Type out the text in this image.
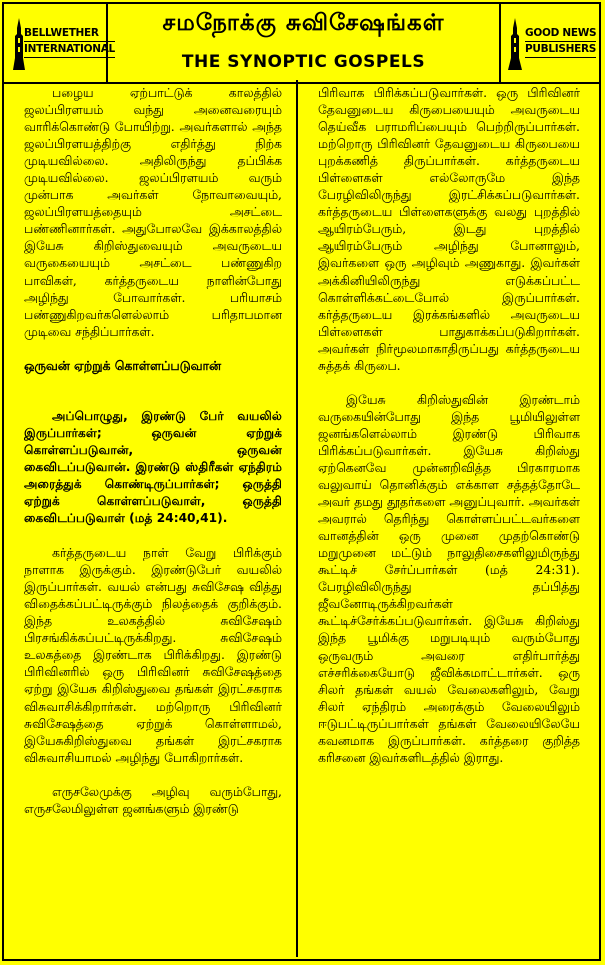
BELLWETHER
INTERNATIONAL
சமநோக்கு சுவிசேஷங்கள்
THE SYNOPTIC GOSPELS
GOOD NEWS
PUBLISHERS

பழைய ஏற்பாட்டுக் காலத்தில் ஜலப்பிரளயம் வந்து அனைவரையும் வாரிக்கொண்டு போயிற்று. அவர்களால் அந்த ஜலப்பிரளயத்திற்கு எதிர்த்து நிற்க முடியவில்லை. அதிலிருந்து தப்பிக்க முடியவில்லை. ஜலப்பிரளயம் வரும் முன்பாக அவர்கள் நோவாவையும், ஜலப்பிரளயத்தையும் அசட்டை பண்ணினார்கள். அதுபோலவே இக்காலத்தில் இயேசு கிறிஸ்துவையும் அவருடைய வருகையையும் அசட்டை பண்ணுகிற பாவிகள், கர்த்தருடைய நாளின்போது அழிந்து போவார்கள். பரியாசம் பண்ணுகிறவர்களெல்லாம் பரிதாபமான முடிவை சந்திப்பார்கள்.

ஒருவன் ஏற்றுக் கொள்ளப்படுவான்

அப்பொழுது, இரண்டு பேர் வயலில் இருப்பார்கள்; ஒருவன் ஏற்றுக் கொள்ளப்படுவான், ஒருவன் கைவிடப்படுவான். இரண்டு ஸ்திரீகள் ஏந்திரம் அரைத்துக் கொண்டிருப்பார்கள்; ஒருத்தி ஏற்றுக் கொள்ளப்படுவாள், ஒருத்தி கைவிடப்படுவாள் (மத் 24:40,41).

கர்த்தருடைய நாள் வேறு பிரிக்கும் நாளாக இருக்கும். இரண்டுபேர் வயலில் இருப்பார்கள். வயல் என்பது சுவிசேஷ வித்து விதைக்கப்பட்டிருக்கும் நிலத்தைக் குறிக்கும். இந்த உலகத்தில் சுவிசேஷம் பிரசங்கிக்கப்பட்டிருக்கிறது. சுவிசேஷம் உலகத்தை இரண்டாக பிரிக்கிறது. இரண்டு பிரிவினரில் ஒரு பிரிவினர் சுவிசேஷத்தை ஏற்று இயேசு கிறிஸ்துவை தங்கள் இரட்சகராக விசுவாசிக்கிறார்கள். மற்றொரு பிரிவினர் சுவிசேஷத்தை ஏற்றுக் கொள்ளாமல், இயேசுகிறிஸ்துவை தங்கள் இரட்சகராக விசுவாசியாமல் அழிந்து போகிறார்கள்.

எருசலேமுக்கு அழிவு வரும்போது, எருசலேமிலுள்ள ஜனங்களும் இரண்டு

பிரிவாக பிரிக்கப்படுவார்கள். ஒரு பிரிவினர் தேவனுடைய கிருபையையும் அவருடைய தெய்வீக பராமரிப்பையும் பெற்றிருப்பார்கள். மற்றொரு பிரிவினர் தேவனுடைய கிருபையை புறக்கணித் திருப்பார்கள். கர்த்தருடைய பிள்ளைகள் எல்லோருமே இந்த பேரழிவிலிருந்து இரட்சிக்கப்படுவார்கள். கர்த்தருடைய பிள்ளைகளுக்கு வலது புறத்தில் ஆயிரம்பேரும், இடது புறத்தில் ஆயிரம்பேரும் அழிந்து போனாலும், இவர்களை ஒரு அழிவும் அணுகாது. இவர்கள் அக்கினியிலிருந்து எடுக்கப்பட்ட கொள்ளிக்கட்டைபோல் இருப்பார்கள். கர்த்தருடைய இரக்கங்களில் அவருடைய பிள்ளைகள் பாதுகாக்கப்படுகிறார்கள். அவர்கள் நிர்மூலமாகாதிருப்பது கர்த்தருடைய சுத்தக் கிருபை.

இயேசு கிறிஸ்துவின் இரண்டாம் வருகையின்போது இந்த பூமியிலுள்ள ஜனங்களெல்லாம் இரண்டு பிரிவாக பிரிக்கப்படுவார்கள். இயேசு கிறிஸ்து ஏற்கெனவே முன்னறிவித்த பிரகாரமாக வலுவாய் தொனிக்கும் எக்காள சத்தத்தோடே அவர் தமது தூதர்களை அனுப்புவார். அவர்கள் அவரால் தெரிந்து கொள்ளப்பட்டவர்களை வானத்தின் ஒரு முனை முதற்கொண்டு மறுமுனை மட்டும் நாலுதிசைகளிலுமிருந்து கூட்டிச் சேர்ப்பார்கள் (மத் 24:31). பேரழிவிலிருந்து தப்பித்து ஜீவனோடிருக்கிறவர்கள் கூட்டிச்சேர்க்கப்படுவார்கள். இயேசு கிறிஸ்து இந்த பூமிக்கு மறுபடியும் வரும்போது ஒருவரும் அவரை எதிர்பார்த்து எச்சரிக்கையோடு ஜீவிக்கமாட்டார்கள். ஒரு சிலர் தங்கள் வயல் வேலைகளிலும், வேறு சிலர் ஏந்திரம் அரைக்கும் வேலையிலும் ஈடுபட்டிருப்பார்கள் தங்கள் வேலையிலேயே கவனமாக இருப்பார்கள். கர்த்தரை குறித்த கரிசனை இவர்களிடத்தில் இராது.
